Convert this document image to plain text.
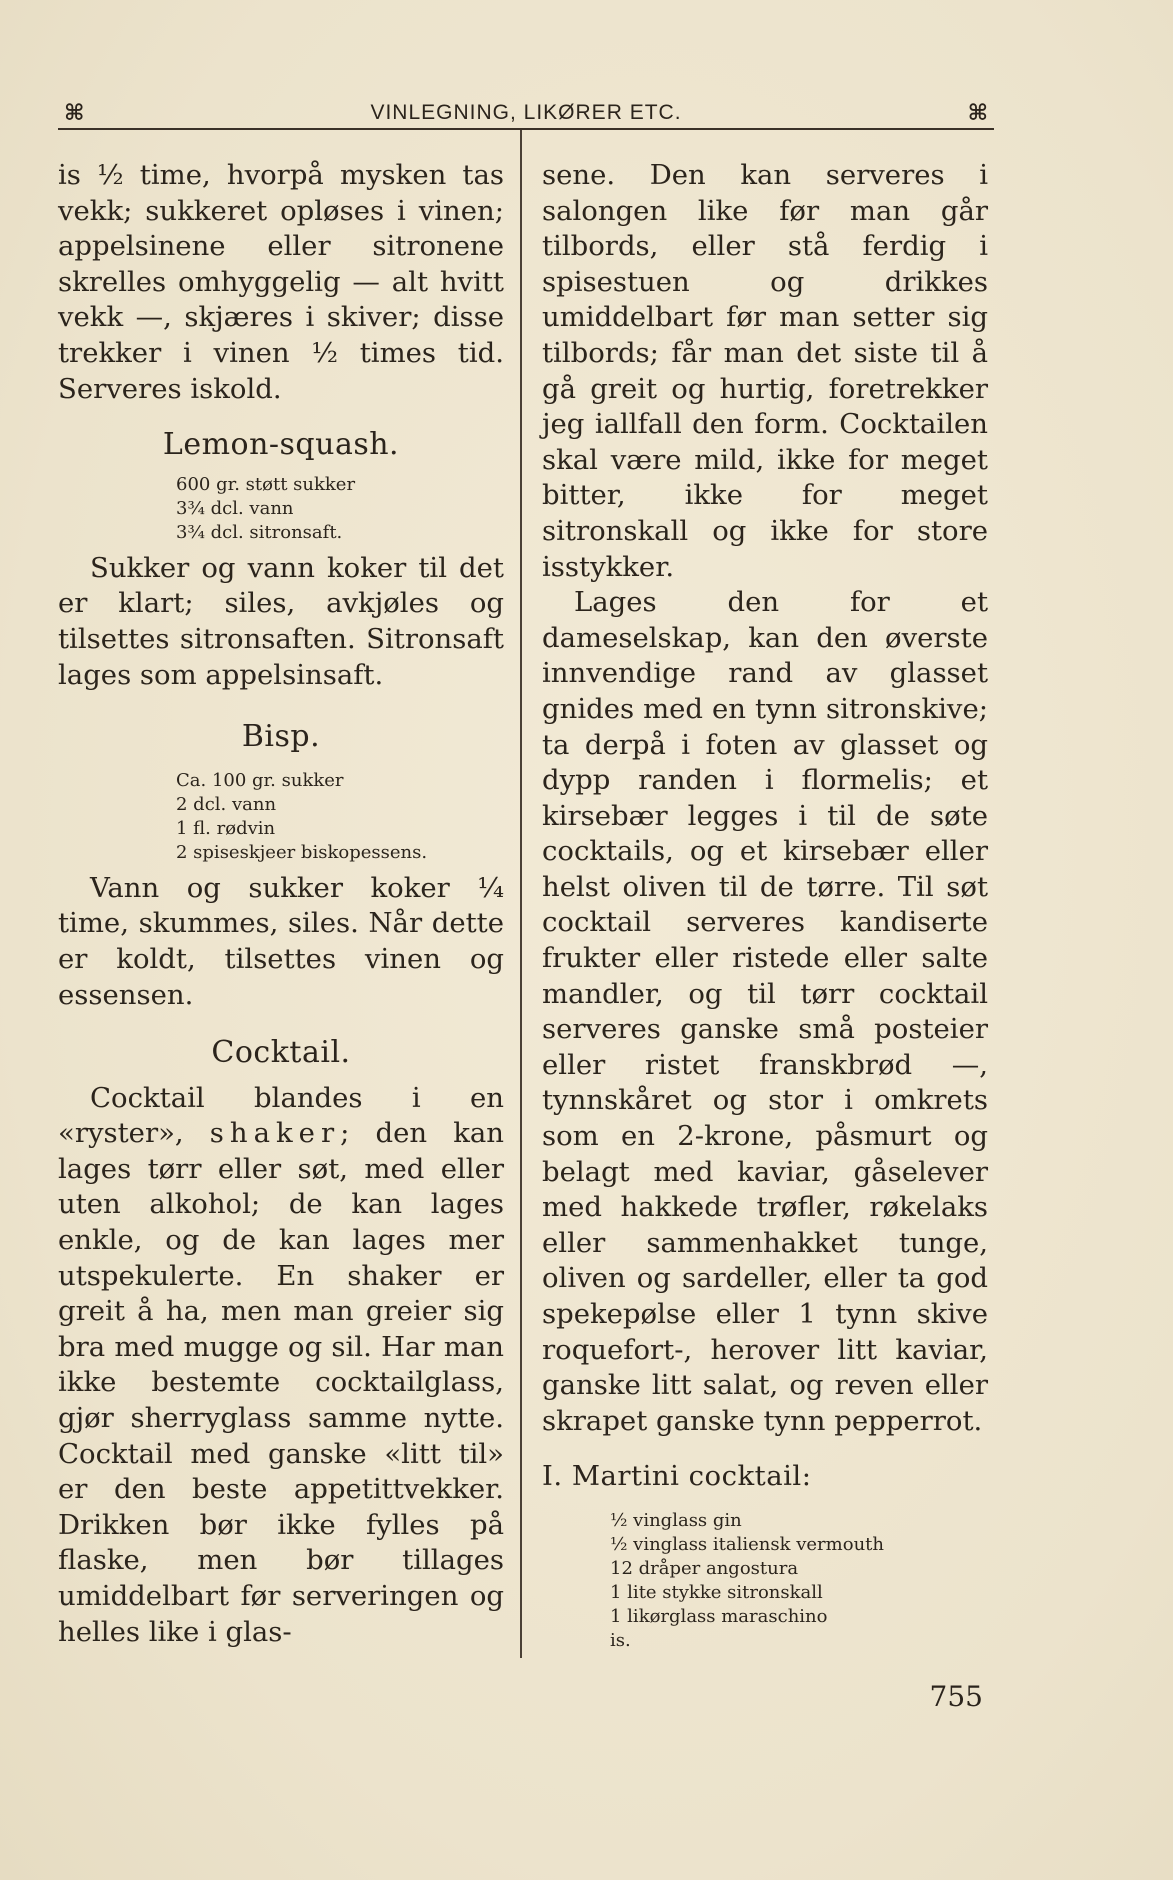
⌘	VINLEGNING, LIKØRER ETC.	⌘

is ½ time, hvorpå mysken tas vekk; sukkeret opløses i vinen; appelsinene eller sitronene skrelles omhyggelig — alt hvitt vekk —, skjæres i skiver; disse trekker i vinen ½ times tid. Serveres iskold.

Lemon-squash.
600 gr. støtt sukker
3¾ dcl. vann
3¾ dcl. sitronsaft.

Sukker og vann koker til det er klart; siles, avkjøles og tilsettes sitronsaften. Sitronsaft lages som appelsinsaft.

Bisp.
Ca. 100 gr. sukker
2 dcl. vann
1 fl. rødvin
2 spiseskjeer biskopessens.

Vann og sukker koker ¼ time, skummes, siles. Når dette er koldt, tilsettes vinen og essensen.

Cocktail.

Cocktail blandes i en «ryster», shaker; den kan lages tørr eller søt, med eller uten alkohol; de kan lages enkle, og de kan lages mer utspekulerte. En shaker er greit å ha, men man greier sig bra med mugge og sil. Har man ikke bestemte cocktailglass, gjør sherryglass samme nytte. Cocktail med ganske «litt til» er den beste appetittvekker. Drikken bør ikke fylles på flaske, men bør tillages umiddelbart før serveringen og helles like i glas-

sene. Den kan serveres i salongen like før man går tilbords, eller stå ferdig i spisestuen og drikkes umiddelbart før man setter sig tilbords; får man det siste til å gå greit og hurtig, foretrekker jeg iallfall den form. Cocktailen skal være mild, ikke for meget bitter, ikke for meget sitronskall og ikke for store isstykker.

Lages den for et dameselskap, kan den øverste innvendige rand av glasset gnides med en tynn sitronskive; ta derpå i foten av glasset og dypp randen i flormelis; et kirsebær legges i til de søte cocktails, og et kirsebær eller helst oliven til de tørre. Til søt cocktail serveres kandiserte frukter eller ristede eller salte mandler, og til tørr cocktail serveres ganske små posteier eller ristet franskbrød —, tynnskåret og stor i omkrets som en 2-krone, påsmurt og belagt med kaviar, gåselever med hakkede trøfler, røkelaks eller sammenhakket tunge, oliven og sardeller, eller ta god spekepølse eller 1 tynn skive roquefort-, herover litt kaviar, ganske litt salat, og reven eller skrapet ganske tynn pepperrot.

I. Martini cocktail:
½ vinglass gin
½ vinglass italiensk vermouth
12 dråper angostura
1 lite stykke sitronskall
1 likørglass maraschino
is.
755
